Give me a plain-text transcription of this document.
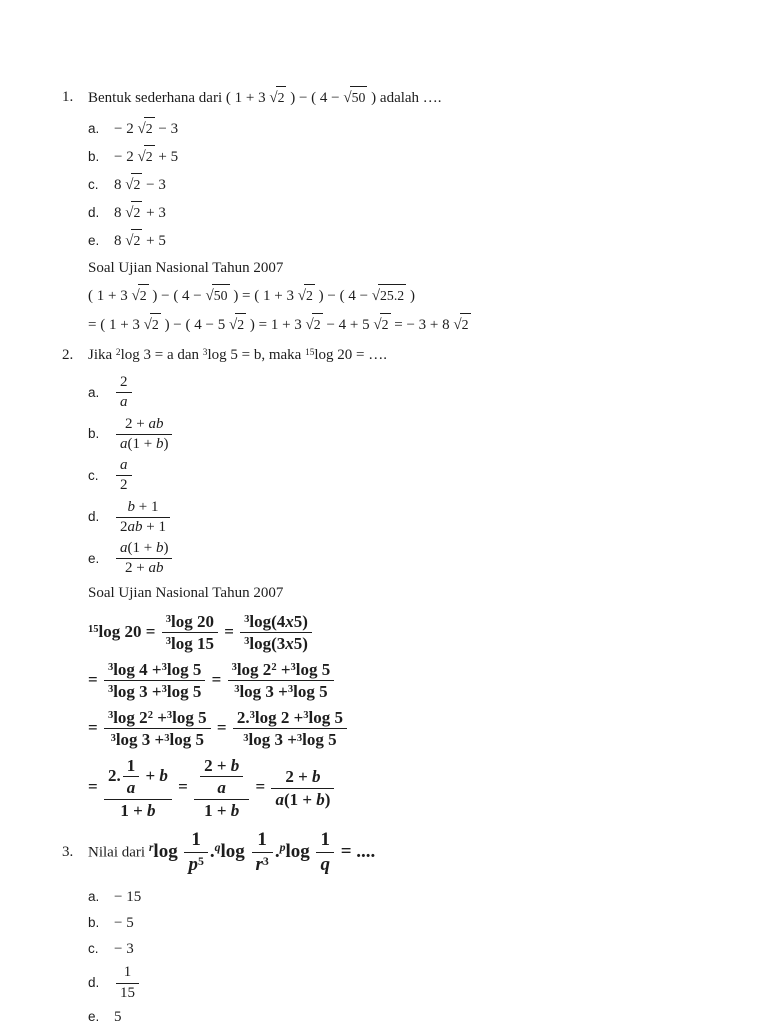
1. Bentuk sederhana dari ( 1 + 3 √2 ) − ( 4 − √50 ) adalah ….
a. − 2 √2 − 3
b. − 2 √2 + 5
c.	8 √2 − 3
d. 8 √2 + 3
e. 8 √2 + 5
Soal Ujian Nasional Tahun 2007
( 1 + 3 √2 ) − ( 4 − √50 ) = ( 1 + 3 √2 ) − ( 4 − √25.2 )
= ( 1 + 3 √2 ) − ( 4 − 5 √2 ) = 1 + 3 √2 − 4 + 5 √2 = − 3 + 8 √2
2. Jika $^2$log 3 = a dan $^3$log 5 = b, maka $^{15}$log 20 = ….
a. $\frac{2}{a}$
b. $\frac{2 + ab}{a(1 + b)}$
c.	$\frac{a}{2}$
d. $\frac{b + 1}{2ab + 1}$
e. $\frac{a(1 + b)}{2 + ab}$
Soal Ujian Nasional Tahun 2007
$^{15}$log $20 = \frac{^3\log 20}{^3\log 15} = \frac{^3\log(4x5)}{^3\log(3x5)}$
= $\frac{^3\log 4 +^3\log 5}{^3\log 3 +^3\log 5} = \frac{^3\log 2^2 +^3\log 5}{^3\log 3 +^3\log 5}$
= $\frac{^3\log 2^2 +^3\log 5}{^3\log 3 +^3\log 5} = \frac{2.^3\log 2 +^3\log 5}{^3\log 3 +^3\log 5}$
= $\frac{2. \frac{1}{a} + b}{1 + b} = \frac{\frac{2 + b}{a}}{1 + b} = \frac{2 + b}{a(1 + b)}$
3. Nilai dari $^r\log \frac{1}{p^5} .^q\log \frac{1}{r^3} .^p\log \frac{1}{q}$ = ....
a. − 15
b. − 5
c.	− 3
d. $\frac{1}{15}$
e. 5
